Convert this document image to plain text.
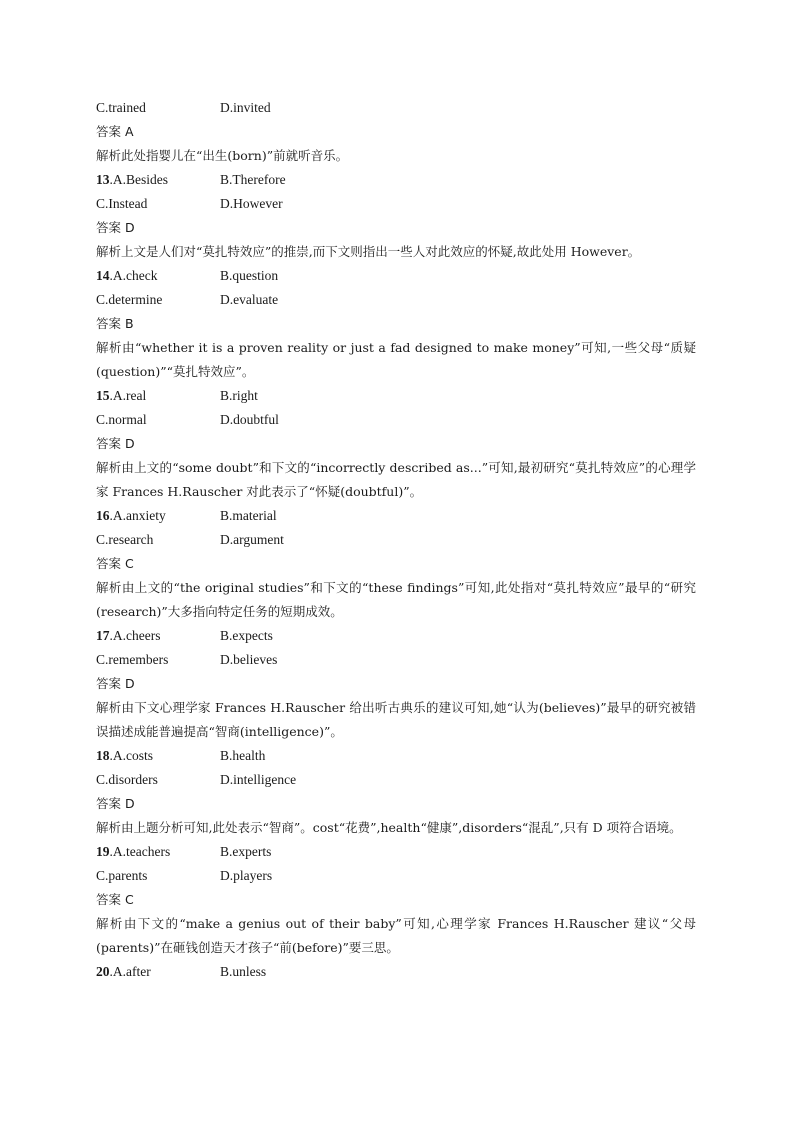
C.trained	D.invited
答案 A
解析此处指婴儿在“出生(born)”前就听音乐。
13.A.Besides	B.Therefore
C.Instead	D.However
答案 D
解析上文是人们对“莫扎特效应”的推崇,而下文则指出一些人对此效应的怀疑,故此处用 However。
14.A.check	B.question
C.determine	D.evaluate
答案 B
解析由“whether it is a proven reality or just a fad designed to make money”可知,一些父母“质疑(question)”“莫扎特效应”。
15.A.real	B.right
C.normal	D.doubtful
答案 D
解析由上文的“some doubt”和下文的“incorrectly described as...”可知,最初研究“莫扎特效应”的心理学家 Frances H.Rauscher 对此表示了“怀疑(doubtful)”。
16.A.anxiety	B.material
C.research	D.argument
答案 C
解析由上文的“the original studies”和下文的“these findings”可知,此处指对“莫扎特效应”最早的“研究(research)”大多指向特定任务的短期成效。
17.A.cheers	B.expects
C.remembers	D.believes
答案 D
解析由下文心理学家 Frances H.Rauscher 给出听古典乐的建议可知,她“认为(believes)”最早的研究被错误描述成能普遍提高“智商(intelligence)”。
18.A.costs	B.health
C.disorders	D.intelligence
答案 D
解析由上题分析可知,此处表示“智商”。cost“花费”,health“健康”,disorders“混乱”,只有 D 项符合语境。
19.A.teachers	B.experts
C.parents	D.players
答案 C
解析由下文的“make a genius out of their baby”可知,心理学家 Frances H.Rauscher 建议“父母(parents)”在砸钱创造天才孩子“前(before)”要三思。
20.A.after	B.unless
